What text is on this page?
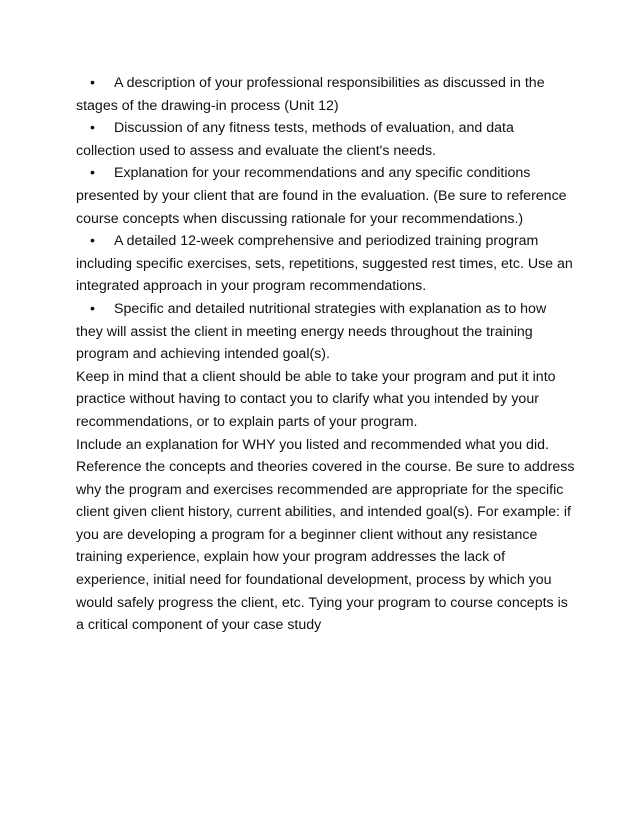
• A description of your professional responsibilities as discussed in the stages of the drawing-in process (Unit 12)

• Discussion of any fitness tests, methods of evaluation, and data collection used to assess and evaluate the client's needs.

• Explanation for your recommendations and any specific conditions presented by your client that are found in the evaluation. (Be sure to reference course concepts when discussing rationale for your recommendations.)

• A detailed 12-week comprehensive and periodized training program including specific exercises, sets, repetitions, suggested rest times, etc. Use an integrated approach in your program recommendations.

• Specific and detailed nutritional strategies with explanation as to how they will assist the client in meeting energy needs throughout the training program and achieving intended goal(s).

Keep in mind that a client should be able to take your program and put it into practice without having to contact you to clarify what you intended by your recommendations, or to explain parts of your program.

Include an explanation for WHY you listed and recommended what you did. Reference the concepts and theories covered in the course. Be sure to address why the program and exercises recommended are appropriate for the specific client given client history, current abilities, and intended goal(s). For example: if you are developing a program for a beginner client without any resistance training experience, explain how your program addresses the lack of experience, initial need for foundational development, process by which you would safely progress the client, etc. Tying your program to course concepts is a critical component of your case study
